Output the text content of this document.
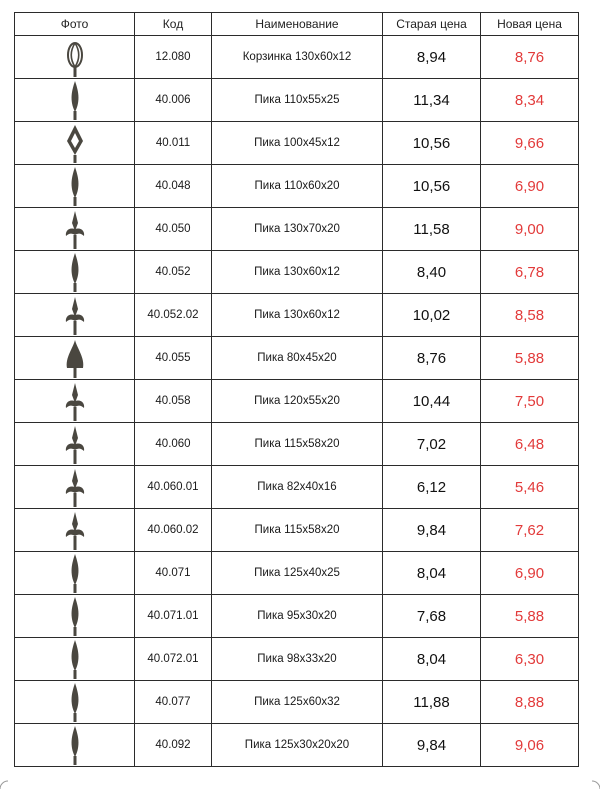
Фото	Код	Наименование	Старая цена	Новая цена

	12.080	Корзинка 130х60х12	8,94	8,76

	40.006	Пика 110х55х25	11,34	8,34

	40.011	Пика 100х45х12	10,56	9,66

	40.048	Пика 110х60х20	10,56	6,90

	40.050	Пика 130х70х20	11,58	9,00

	40.052	Пика 130х60х12	8,40	6,78

	40.052.02	Пика 130х60х12	10,02	8,58

	40.055	Пика 80х45х20	8,76	5,88

	40.058	Пика 120х55х20	10,44	7,50

	40.060	Пика 115х58х20	7,02	6,48

	40.060.01	Пика 82х40х16	6,12	5,46

	40.060.02	Пика 115х58х20	9,84	7,62

	40.071	Пика 125х40х25	8,04	6,90

	40.071.01	Пика 95х30х20	7,68	5,88

	40.072.01	Пика 98х33х20	8,04	6,30

	40.077	Пика 125х60х32	11,88	8,88

	40.092	Пика 125х30х20х20	9,84	9,06
